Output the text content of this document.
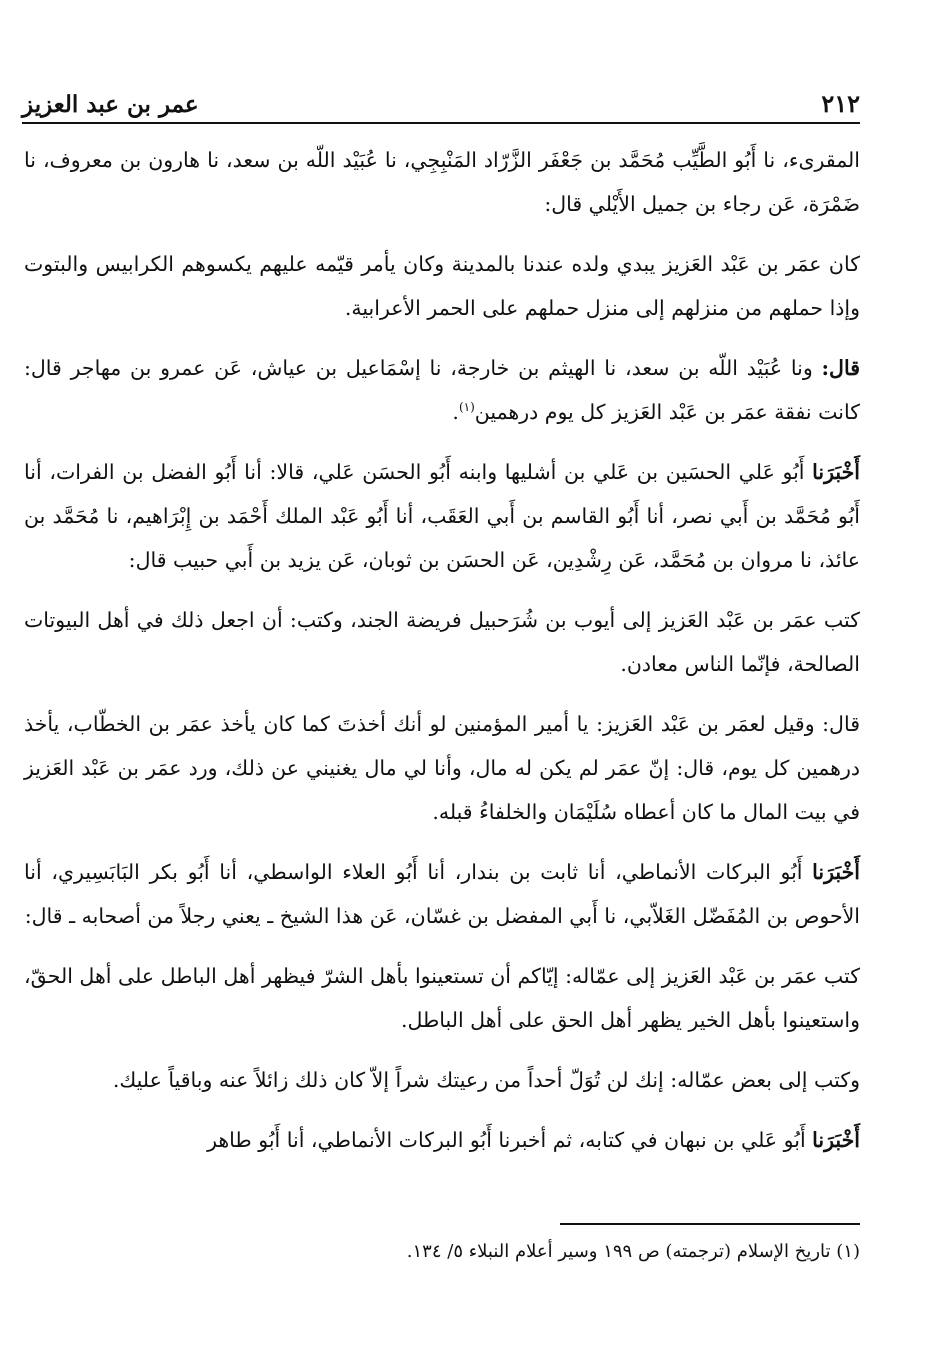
٢١٢
عمر بن عبد العزيز

المقرىء، نا أَبُو الطَّيِّب مُحَمَّد بن جَعْفَر الزَّرّاد المَنْبِجِي، نا عُبَيْد اللّه بن سعد، نا هارون بن معروف، نا ضَمْرَة، عَن رجاء بن جميل الأَيْلي قال:

كان عمَر بن عَبْد العَزيز يبدي ولده عندنا بالمدينة وكان يأمر قيّمه عليهم يكسوهم الكرابيس والبتوت وإذا حملهم من منزلهم إلى منزل حملهم على الحمر الأعرابية.

قال: ونا عُبَيْد اللّه بن سعد، نا الهيثم بن خارجة، نا إسْمَاعيل بن عياش، عَن عمرو بن مهاجر قال: كانت نفقة عمَر بن عَبْد العَزيز كل يوم درهمين$^{(١)}$.

أَخْبَرَنا أَبُو عَلي الحسَين بن عَلي بن أشليها وابنه أَبُو الحسَن عَلي، قالا: أنا أَبُو الفضل بن الفرات، أنا أَبُو مُحَمَّد بن أَبي نصر، أنا أَبُو القاسم بن أَبي العَقَب، أنا أَبُو عَبْد الملك أَحْمَد بن إِبْرَاهيم، نا مُحَمَّد بن عائذ، نا مروان بن مُحَمَّد، عَن رِشْدِين، عَن الحسَن بن ثوبان، عَن يزيد بن أَبي حبيب قال:

كتب عمَر بن عَبْد العَزيز إلى أيوب بن شُرَحبيل فريضة الجند، وكتب: أن اجعل ذلك في أهل البيوتات الصالحة، فإنّما الناس معادن.

قال: وقيل لعمَر بن عَبْد العَزيز: يا أمير المؤمنين لو أنك أخذتَ كما كان يأخذ عمَر بن الخطّاب، يأخذ درهمين كل يوم، قال: إنّ عمَر لم يكن له مال، وأنا لي مال يغنيني عن ذلك، ورد عمَر بن عَبْد العَزيز في بيت المال ما كان أعطاه سُلَيْمَان والخلفاءُ قبله.

أَخْبَرَنا أَبُو البركات الأنماطي، أنا ثابت بن بندار، أنا أَبُو العلاء الواسطي، أنا أَبُو بكر البَابَسِيري، أنا الأحوص بن المُفَضّل الغَلاّبي، نا أَبي المفضل بن غسّان، عَن هذا الشيخ ـ يعني رجلاً من أصحابه ـ قال:

كتب عمَر بن عَبْد العَزيز إلى عمّاله: إيّاكم أن تستعينوا بأهل الشرّ فيظهر أهل الباطل على أهل الحقّ، واستعينوا بأهل الخير يظهر أهل الحق على أهل الباطل.

وكتب إلى بعض عمّاله: إنك لن تُوَلّ أحداً من رعيتك شراً إلاّ كان ذلك زائلاً عنه وباقياً عليك.

أَخْبَرَنا أَبُو عَلي بن نبهان في كتابه، ثم أخبرنا أَبُو البركات الأنماطي، أنا أَبُو طاهر

(١) تاريخ الإسلام (ترجمته) ص ١٩٩ وسير أعلام النبلاء ٥/ ١٣٤.
